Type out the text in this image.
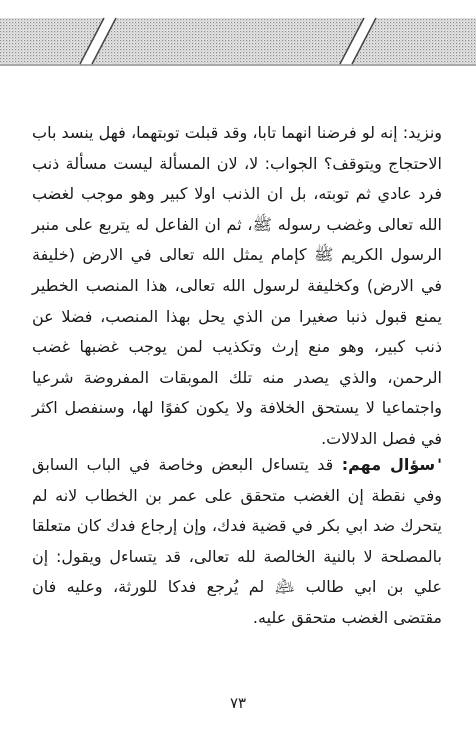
ونزيد: إنه لو فرضنا انهما تابا، وقد قبلت توبتهما، فهل ينسد باب الاحتجاج ويتوقف؟ الجواب: لا، لان المسألة ليست مسألة ذنب فرد عادي ثم توبته، بل ان الذنب اولا كبير وهو موجب لغضب الله تعالى وغضب رسوله ﷺ، ثم ان الفاعل له يتربع على منبر الرسول الكريم ﷺ كإمام يمثل الله تعالى في الارض (خليفة في الارض) وكخليفة لرسول الله تعالى، هذا المنصب الخطير يمنع قبول ذنبا صغيرا من الذي يحل بهذا المنصب، فضلا عن ذنب كبير، وهو منع إرث وتكذيب لمن يوجب غضبها غضب الرحمن، والذي يصدر منه تلك الموبقات المفروضة شرعيا واجتماعيا لا يستحق الخلافة ولا يكون كفوًا لها، وسنفصل اكثر في فصل الدلالات.

'سؤال مهم: قد يتساءل البعض وخاصة في الباب السابق وفي نقطة إن الغضب متحقق على عمر بن الخطاب لانه لم يتحرك ضد ابي بكر في قضية فدك، وإن إرجاع فدك كان متعلقا بالمصلحة لا بالنية الخالصة لله تعالى، قد يتساءل ويقول: إن علي بن ابي طالب ﵇ لم يُرجع فدكا للورثة، وعليه فان مقتضى الغضب متحقق عليه.

٧٣
